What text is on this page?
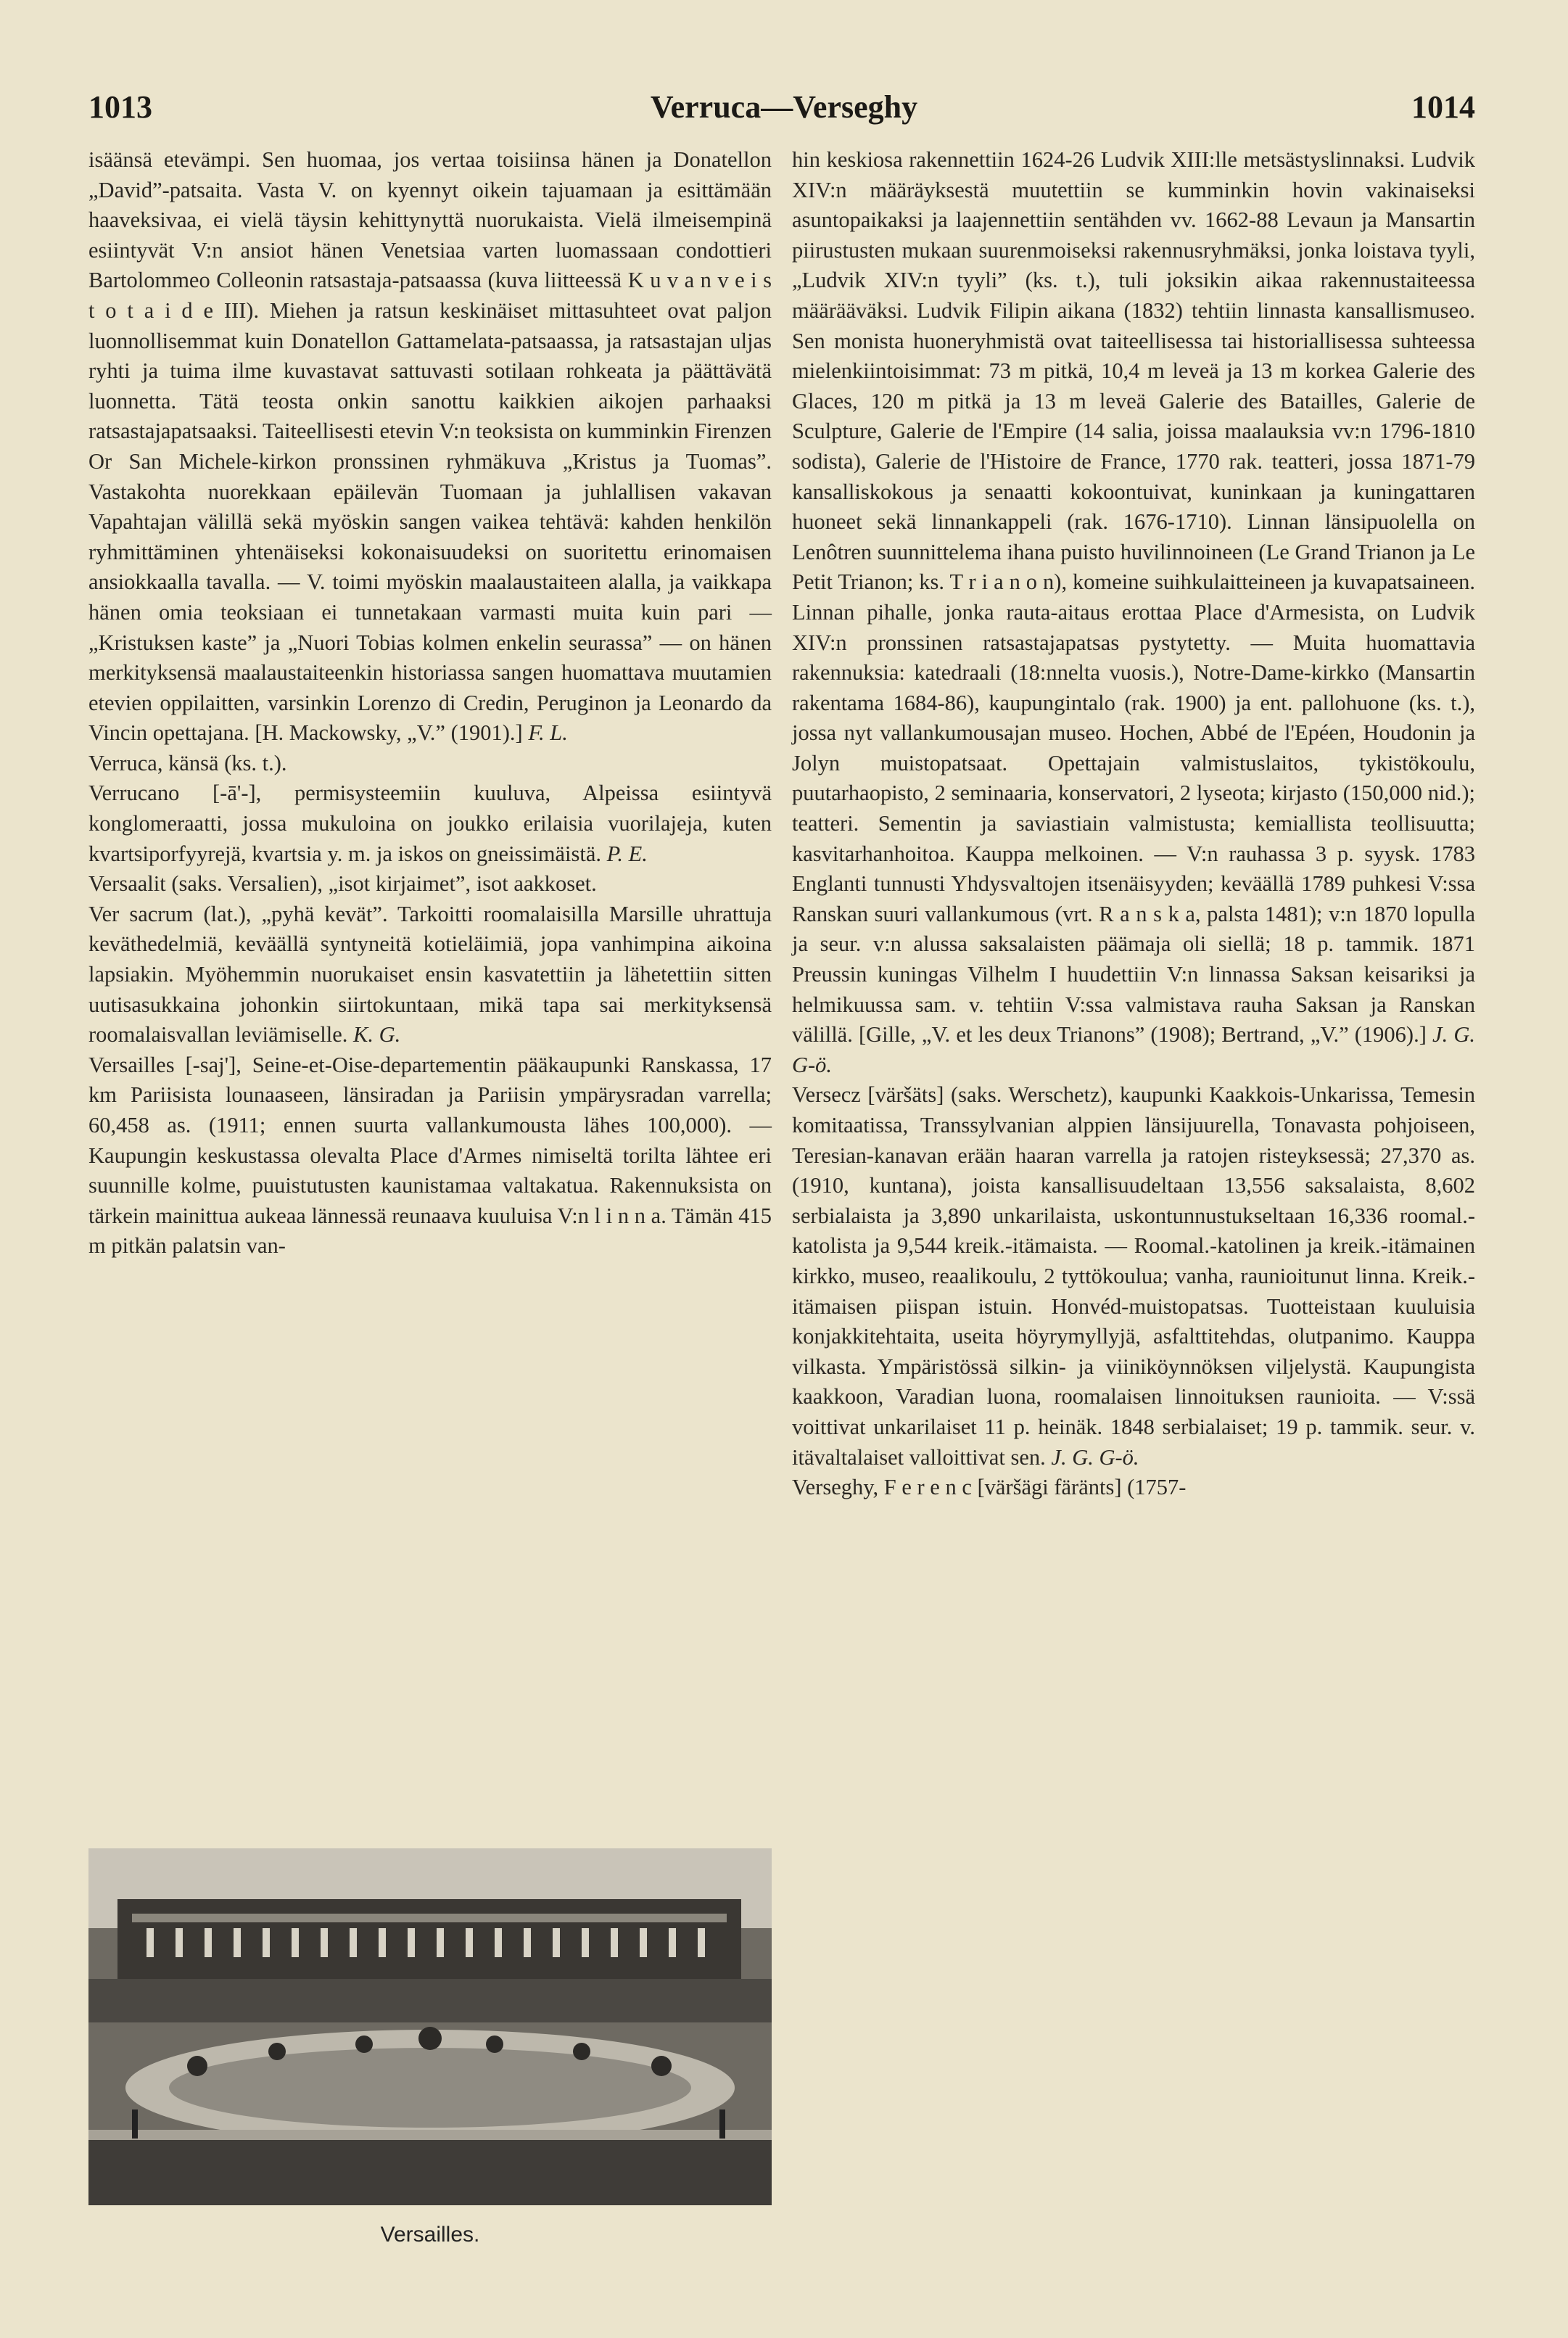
1013	Verruca—Verseghy	1014

isäänsä etevämpi. Sen huomaa, jos vertaa toisiinsa hänen ja Donatellon „David”-patsaita. Vasta V. on kyennyt oikein tajuamaan ja esittämään haaveksivaa, ei vielä täysin kehittynyttä nuorukaista. Vielä ilmeisempinä esiintyvät V:n ansiot hänen Venetsiaa varten luomassaan condottieri Bartolommeo Colleonin ratsastaja-patsaassa (kuva liitteessä K u v a n v e i s t o t a i d e III). Miehen ja ratsun keskinäiset mittasuhteet ovat paljon luonnollisemmat kuin Donatellon Gattamelata-patsaassa, ja ratsastajan uljas ryhti ja tuima ilme kuvastavat sattuvasti sotilaan rohkeata ja päättävätä luonnetta. Tätä teosta onkin sanottu kaikkien aikojen parhaaksi ratsastajapatsaaksi. Taiteellisesti etevin V:n teoksista on kumminkin Firenzen Or San Michele-kirkon pronssinen ryhmäkuva „Kristus ja Tuomas”. Vastakohta nuorekkaan epäilevän Tuomaan ja juhlallisen vakavan Vapahtajan välillä sekä myöskin sangen vaikea tehtävä: kahden henkilön ryhmittäminen yhtenäiseksi kokonaisuudeksi on suoritettu erinomaisen ansiokkaalla tavalla. — V. toimi myöskin maalaustaiteen alalla, ja vaikkapa hänen omia teoksiaan ei tunnetakaan varmasti muita kuin pari — „Kristuksen kaste” ja „Nuori Tobias kolmen enkelin seurassa” — on hänen merkityksensä maalaustaiteenkin historiassa sangen huomattava muutamien etevien oppilaitten, varsinkin Lorenzo di Credin, Peruginon ja Leonardo da Vincin opettajana. [H. Mackowsky, „V.” (1901).] F. L.

Verruca, känsä (ks. t.).

Verrucano [-ā'-], permisysteemiin kuuluva, Alpeissa esiintyvä konglomeraatti, jossa mukuloina on joukko erilaisia vuorilajeja, kuten kvartsiporfyyrejä, kvartsia y. m. ja iskos on gneissimäistä. P. E.

Versaalit (saks. Versalien), „isot kirjaimet”, isot aakkoset.

Ver sacrum (lat.), „pyhä kevät”. Tarkoitti roomalaisilla Marsille uhrattuja keväthedelmiä, keväällä syntyneitä kotieläimiä, jopa vanhimpina aikoina lapsiakin. Myöhemmin nuorukaiset ensin kasvatettiin ja lähetettiin sitten uutisasukkaina johonkin siirtokuntaan, mikä tapa sai merkityksensä roomalaisvallan leviämiselle. K. G.

Versailles [-saj'], Seine-et-Oise-departementin pääkaupunki Ranskassa, 17 km Pariisista lounaaseen, länsiradan ja Pariisin ympärysradan varrella; 60,458 as. (1911; ennen suurta vallankumousta lähes 100,000). — Kaupungin keskustassa olevalta Place d'Armes nimiseltä torilta lähtee eri suunnille kolme, puuistutusten kaunistamaa valtakatua. Rakennuksista on tärkein mainittua aukeaa lännessä reunaava kuuluisa V:n l i n n a. Tämän 415 m pitkän palatsin van-

Versailles.

hin keskiosa rakennettiin 1624-26 Ludvik XIII:lle metsästyslinnaksi. Ludvik XIV:n määräyksestä muutettiin se kumminkin hovin vakinaiseksi asuntopaikaksi ja laajennettiin sentähden vv. 1662-88 Levaun ja Mansartin piirustusten mukaan suurenmoiseksi rakennusryhmäksi, jonka loistava tyyli, „Ludvik XIV:n tyyli” (ks. t.), tuli joksikin aikaa rakennustaiteessa määrääväksi. Ludvik Filipin aikana (1832) tehtiin linnasta kansallismuseo. Sen monista huoneryhmistä ovat taiteellisessa tai historiallisessa suhteessa mielenkiintoisimmat: 73 m pitkä, 10,4 m leveä ja 13 m korkea Galerie des Glaces, 120 m pitkä ja 13 m leveä Galerie des Batailles, Galerie de Sculpture, Galerie de l'Empire (14 salia, joissa maalauksia vv:n 1796-1810 sodista), Galerie de l'Histoire de France, 1770 rak. teatteri, jossa 1871-79 kansalliskokous ja senaatti kokoontuivat, kuninkaan ja kuningattaren huoneet sekä linnankappeli (rak. 1676-1710). Linnan länsipuolella on Lenôtren suunnittelema ihana puisto huvilinnoineen (Le Grand Trianon ja Le Petit Trianon; ks. T r i a n o n), komeine suihkulaitteineen ja kuvapatsaineen. Linnan pihalle, jonka rauta-aitaus erottaa Place d'Armesista, on Ludvik XIV:n pronssinen ratsastajapatsas pystytetty. — Muita huomattavia rakennuksia: katedraali (18:nnelta vuosis.), Notre-Dame-kirkko (Mansartin rakentama 1684-86), kaupungintalo (rak. 1900) ja ent. pallohuone (ks. t.), jossa nyt vallankumousajan museo. Hochen, Abbé de l'Epéen, Houdonin ja Jolyn muistopatsaat. Opettajain valmistuslaitos, tykistökoulu, puutarhaopisto, 2 seminaaria, konservatori, 2 lyseota; kirjasto (150,000 nid.); teatteri. Sementin ja saviastiain valmistusta; kemiallista teollisuutta; kasvitarhanhoitoa. Kauppa melkoinen. — V:n rauhassa 3 p. syysk. 1783 Englanti tunnusti Yhdysvaltojen itsenäisyyden; keväällä 1789 puhkesi V:ssa Ranskan suuri vallankumous (vrt. R a n s k a, palsta 1481); v:n 1870 lopulla ja seur. v:n alussa saksalaisten päämaja oli siellä; 18 p. tammik. 1871 Preussin kuningas Vilhelm I huudettiin V:n linnassa Saksan keisariksi ja helmikuussa sam. v. tehtiin V:ssa valmistava rauha Saksan ja Ranskan välillä. [Gille, „V. et les deux Trianons” (1908); Bertrand, „V.” (1906).] J. G. G-ö.

Versecz [väršäts] (saks. Werschetz), kaupunki Kaakkois-Unkarissa, Temesin komitaatissa, Transsylvanian alppien länsijuurella, Tonavasta pohjoiseen, Teresian-kanavan erään haaran varrella ja ratojen risteyksessä; 27,370 as. (1910, kuntana), joista kansallisuudeltaan 13,556 saksalaista, 8,602 serbialaista ja 3,890 unkarilaista, uskontunnustukseltaan 16,336 roomal.-katolista ja 9,544 kreik.-itämaista. — Roomal.-katolinen ja kreik.-itämainen kirkko, museo, reaalikoulu, 2 tyttökoulua; vanha, raunioitunut linna. Kreik.-itämaisen piispan istuin. Honvéd-muistopatsas. Tuotteistaan kuuluisia konjakkitehtaita, useita höyrymyllyjä, asfalttitehdas, olutpanimo. Kauppa vilkasta. Ympäristössä silkin- ja viiniköynnöksen viljelystä. Kaupungista kaakkoon, Varadian luona, roomalaisen linnoituksen raunioita. — V:ssä voittivat unkarilaiset 11 p. heinäk. 1848 serbialaiset; 19 p. tammik. seur. v. itävaltalaiset valloittivat sen. J. G. G-ö.

Verseghy, F e r e n c [väršägi färänts] (1757-
